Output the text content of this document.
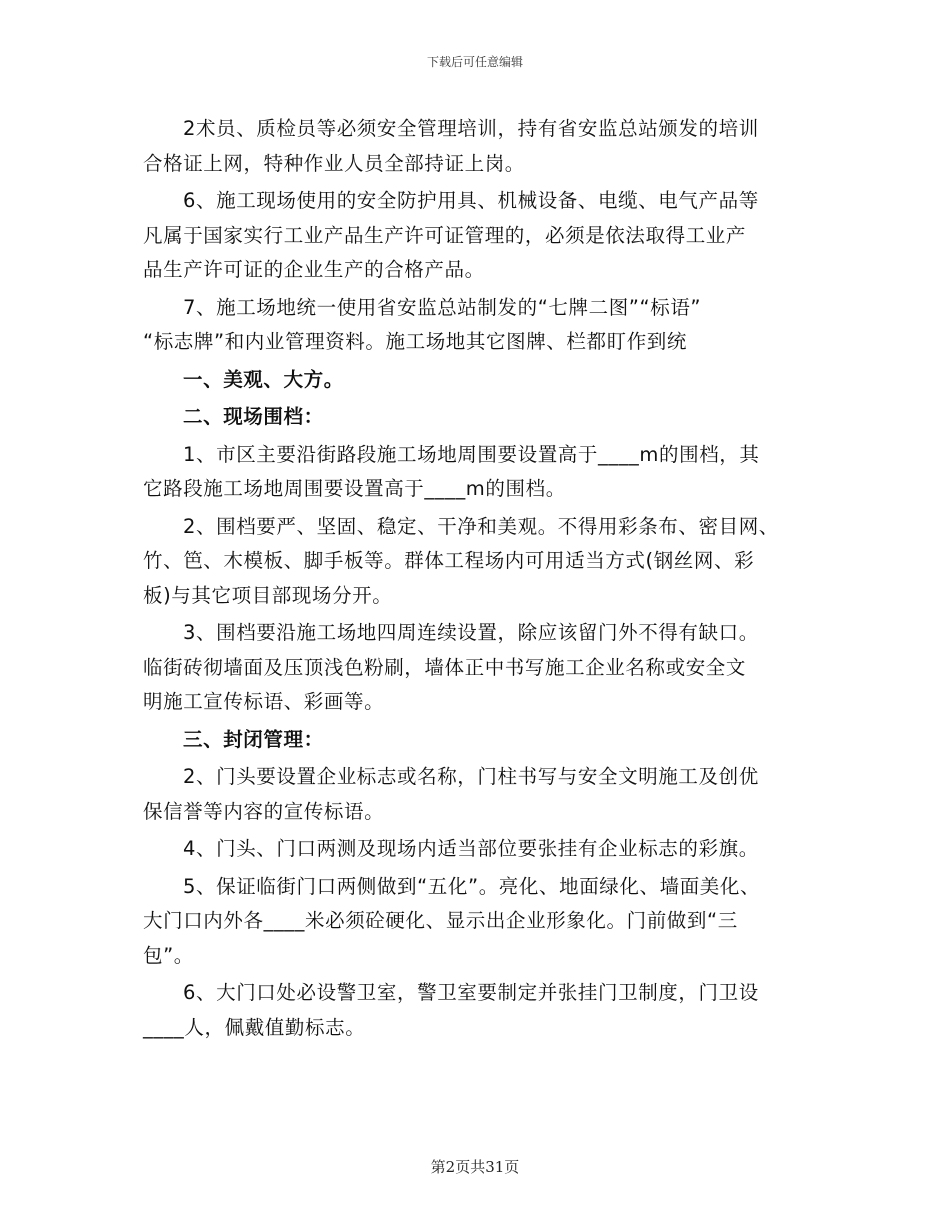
下载后可任意编辑
2术员、质检员等必须安全管理培训，持有省安监总站颁发的培训
合格证上网，特种作业人员全部持证上岗。
6、施工现场使用的安全防护用具、机械设备、电缆、电气产品等
凡属于国家实行工业产品生产许可证管理的，必须是依法取得工业产
品生产许可证的企业生产的合格产品。
7、施工场地统一使用省安监总站制发的“七牌二图”“标语”
“标志牌”和内业管理资料。施工场地其它图牌、栏都盯作到统
一、美观、大方。
二、现场围档：
1、市区主要沿街路段施工场地周围要设置高于____m的围档，其
它路段施工场地周围要设置高于____m的围档。
2、围档要严、坚固、稳定、干净和美观。不得用彩条布、密目网、
竹、笆、木模板、脚手板等。群体工程场内可用适当方式(钢丝网、彩
板)与其它项目部现场分开。
3、围档要沿施工场地四周连续设置，除应该留门外不得有缺口。
临街砖彻墙面及压顶浅色粉刷，墙体正中书写施工企业名称或安全文
明施工宣传标语、彩画等。
三、封闭管理：
2、门头要设置企业标志或名称，门柱书写与安全文明施工及创优
保信誉等内容的宣传标语。
4、门头、门口两测及现场内适当部位要张挂有企业标志的彩旗。
5、保证临街门口两侧做到“五化”。亮化、地面绿化、墙面美化、
大门口内外各____米必须砼硬化、显示出企业形象化。门前做到“三
包”。
6、大门口处必设警卫室，警卫室要制定并张挂门卫制度，门卫设
____人，佩戴值勤标志。
第2页共31页
